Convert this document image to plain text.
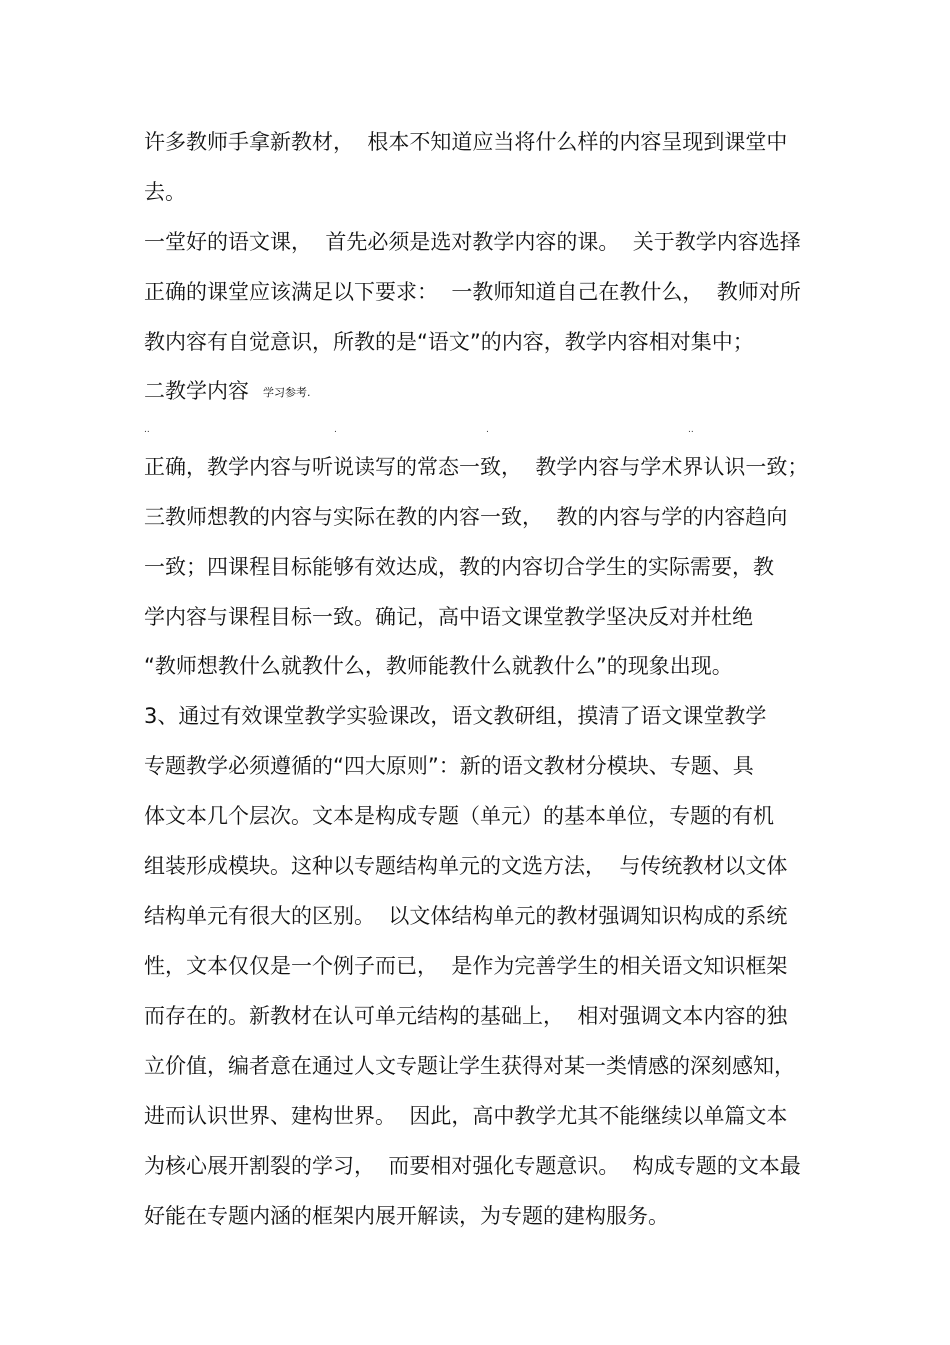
许多教师手拿新教材，  根本不知道应当将什么样的内容呈现到课堂中
去。
一堂好的语文课，  首先必须是选对教学内容的课。  关于教学内容选择
正确的课堂应该满足以下要求：  一教师知道自己在教什么，  教师对所
教内容有自觉意识，所教的是“语文”的内容，教学内容相对集中；
二教学内容 学习参考.
..	.	.	..
正确，教学内容与听说读写的常态一致，  教学内容与学术界认识一致；
三教师想教的内容与实际在教的内容一致，  教的内容与学的内容趋向
一致；四课程目标能够有效达成，教的内容切合学生的实际需要，教
学内容与课程目标一致。确记，高中语文课堂教学坚决反对并杜绝
“教师想教什么就教什么，教师能教什么就教什么”的现象出现。
3、通过有效课堂教学实验课改，语文教研组，摸清了语文课堂教学
专题教学必须遵循的“四大原则”：新的语文教材分模块、专题、具
体文本几个层次。文本是构成专题（单元）的基本单位，专题的有机
组装形成模块。这种以专题结构单元的文选方法，  与传统教材以文体
结构单元有很大的区别。  以文体结构单元的教材强调知识构成的系统
性，文本仅仅是一个例子而已，  是作为完善学生的相关语文知识框架
而存在的。新教材在认可单元结构的基础上，  相对强调文本内容的独
立价值，编者意在通过人文专题让学生获得对某一类情感的深刻感知，
进而认识世界、建构世界。  因此，高中教学尤其不能继续以单篇文本
为核心展开割裂的学习，  而要相对强化专题意识。  构成专题的文本最
好能在专题内涵的框架内展开解读，为专题的建构服务。
